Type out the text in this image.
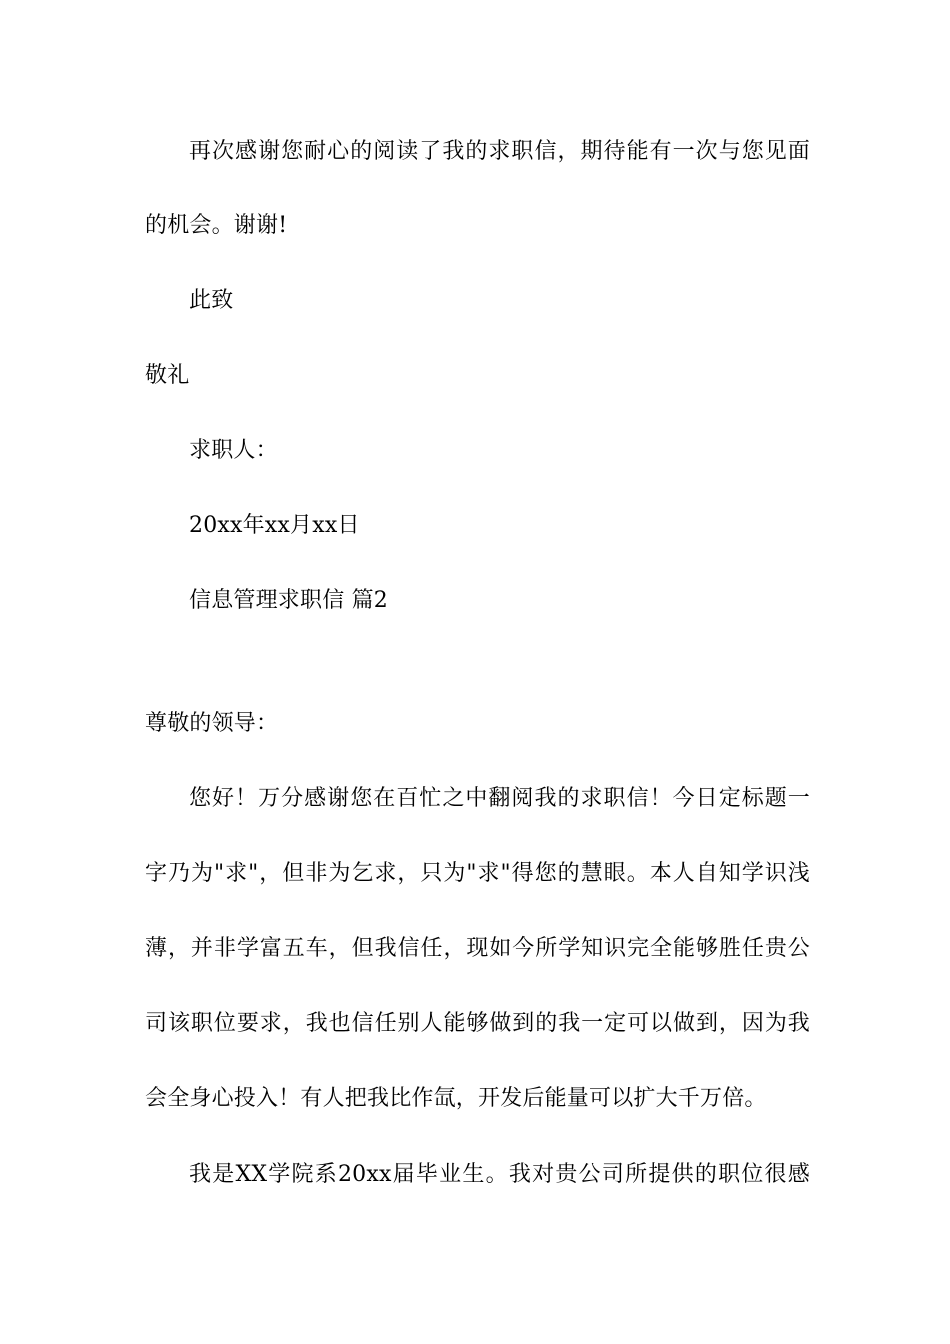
再次感谢您耐心的阅读了我的求职信，期待能有一次与您见面
的机会。谢谢!
此致
敬礼
求职人：
20xx年xx月xx日
信息管理求职信 篇2
尊敬的领导：
您好！万分感谢您在百忙之中翻阅我的求职信！今日定标题一
字乃为"求"，但非为乞求，只为"求"得您的慧眼。本人自知学识浅
薄，并非学富五车，但我信任，现如今所学知识完全能够胜任贵公
司该职位要求，我也信任别人能够做到的我一定可以做到，因为我
会全身心投入！有人把我比作氙，开发后能量可以扩大千万倍。
我是XX学院系20xx届毕业生。我对贵公司所提供的职位很感
